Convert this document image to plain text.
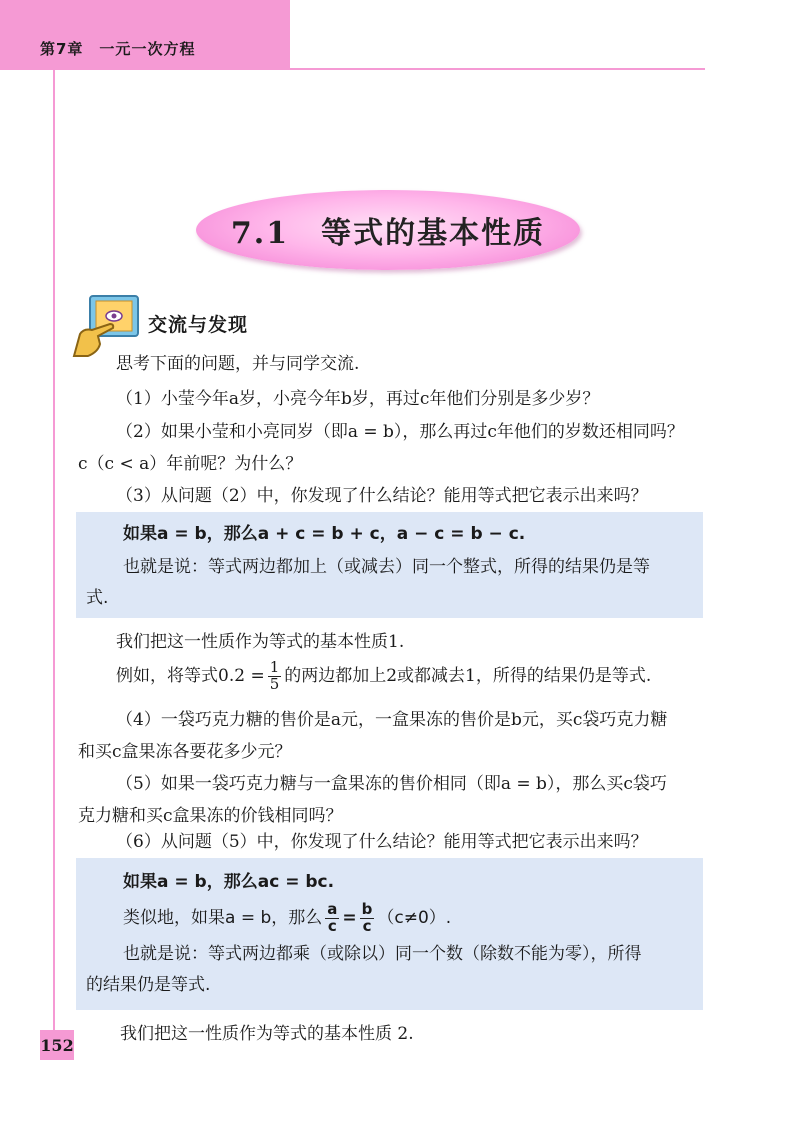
第7章　一元一次方程
7.1　等式的基本性质
交流与发现
思考下面的问题，并与同学交流.
（1）小莹今年a岁，小亮今年b岁，再过c年他们分别是多少岁？
（2）如果小莹和小亮同岁（即a = b），那么再过c年他们的岁数还相同吗？
c（c < a）年前呢？为什么？
（3）从问题（2）中，你发现了什么结论？能用等式把它表示出来吗？
如果a = b，那么a + c = b + c，a − c = b − c.
也就是说：等式两边都加上（或减去）同一个整式，所得的结果仍是等
式.
我们把这一性质作为等式的基本性质1.
例如，将等式$0.2 = \frac{1}{5}$ 的两边都加上2或都减去1，所得的结果仍是等式.
（4）一袋巧克力糖的售价是a元，一盒果冻的售价是b元，买c袋巧克力糖
和买c盒果冻各要花多少元？
（5）如果一袋巧克力糖与一盒果冻的售价相同（即a = b），那么买c袋巧
克力糖和买c盒果冻的价钱相同吗？
（6）从问题（5）中，你发现了什么结论？能用等式把它表示出来吗？
如果a = b，那么ac = bc.
类似地，如果a = b，那么 $\frac{a}{c} = \frac{b}{c} (c\ne 0)$.
也就是说：等式两边都乘（或除以）同一个数（除数不能为零），所得
的结果仍是等式.
我们把这一性质作为等式的基本性质 2.
152
